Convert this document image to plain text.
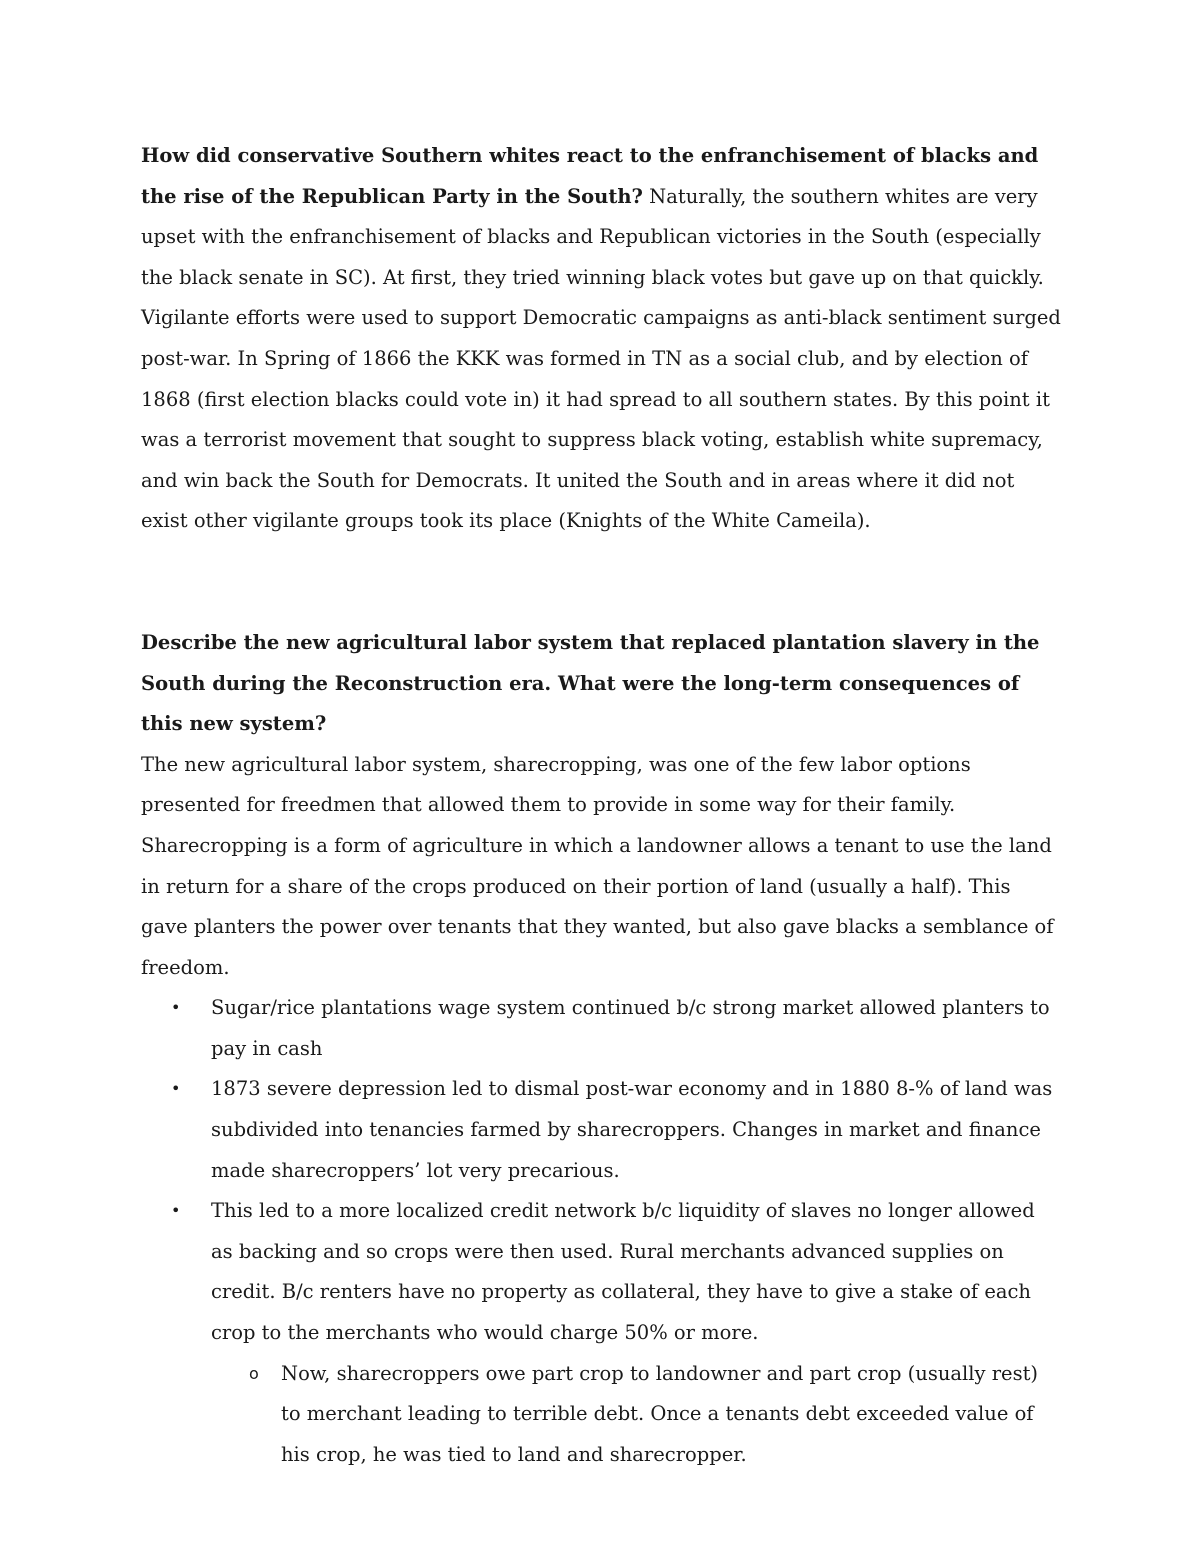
How did conservative Southern whites react to the enfranchisement of blacks and the rise of the Republican Party in the South? Naturally, the southern whites are very upset with the enfranchisement of blacks and Republican victories in the South (especially the black senate in SC). At first, they tried winning black votes but gave up on that quickly. Vigilante efforts were used to support Democratic campaigns as anti-black sentiment surged post-war. In Spring of 1866 the KKK was formed in TN as a social club, and by election of 1868 (first election blacks could vote in) it had spread to all southern states. By this point it was a terrorist movement that sought to suppress black voting, establish white supremacy, and win back the South for Democrats. It united the South and in areas where it did not exist other vigilante groups took its place (Knights of the White Cameila).

Describe the new agricultural labor system that replaced plantation slavery in the South during the Reconstruction era. What were the long-term consequences of this new system?
The new agricultural labor system, sharecropping, was one of the few labor options presented for freedmen that allowed them to provide in some way for their family. Sharecropping is a form of agriculture in which a landowner allows a tenant to use the land in return for a share of the crops produced on their portion of land (usually a half). This gave planters the power over tenants that they wanted, but also gave blacks a semblance of freedom.
• Sugar/rice plantations wage system continued b/c strong market allowed planters to pay in cash
• 1873 severe depression led to dismal post-war economy and in 1880 8-% of land was subdivided into tenancies farmed by sharecroppers. Changes in market and finance made sharecroppers’ lot very precarious.
• This led to a more localized credit network b/c liquidity of slaves no longer allowed as backing and so crops were then used. Rural merchants advanced supplies on credit. B/c renters have no property as collateral, they have to give a stake of each crop to the merchants who would charge 50% or more.
o Now, sharecroppers owe part crop to landowner and part crop (usually rest) to merchant leading to terrible debt. Once a tenants debt exceeded value of his crop, he was tied to land and sharecropper.
